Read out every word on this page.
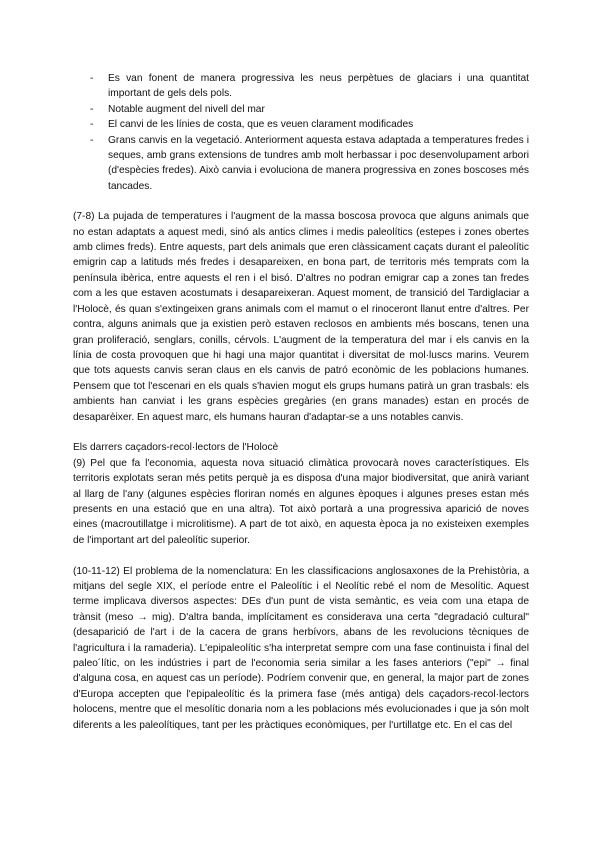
- Es van fonent de manera progressiva les neus perpètues de glaciars i una quantitat important de gels dels pols.
- Notable augment del nivell del mar
- El canvi de les línies de costa, que es veuen clarament modificades
- Grans canvis en la vegetació. Anteriorment aquesta estava adaptada a temperatures fredes i seques, amb grans extensions de tundres amb molt herbassar i poc desenvolupament arbori (d'espècies fredes). Això canvia i evoluciona de manera progressiva en zones boscoses més tancades.

(7-8) La pujada de temperatures i l'augment de la massa boscosa provoca que alguns animals que no estan adaptats a aquest medi, sinó als antics climes i medis paleolítics (estepes i zones obertes amb climes freds). Entre aquests, part dels animals que eren clàssicament caçats durant el paleolític emigrin cap a latituds més fredes i desapareixen, en bona part, de territoris més temprats com la península ibèrica, entre aquests el ren i el bisó. D'altres no podran emigrar cap a zones tan fredes com a les que estaven acostumats i desapareixeran. Aquest moment, de transició del Tardiglaciar a l'Holocè, és quan s'extingeixen grans animals com el mamut o el rinoceront llanut entre d'altres. Per contra, alguns animals que ja existien però estaven reclosos en ambients més boscans, tenen una gran proliferació, senglars, conills, cérvols. L'augment de la temperatura del mar i els canvis en la línia de costa provoquen que hi hagi una major quantitat i diversitat de mol·luscs marins. Veurem que tots aquests canvis seran claus en els canvis de patró econòmic de les poblacions humanes. Pensem que tot l'escenari en els quals s'havien mogut els grups humans patirà un gran trasbals: els ambients han canviat i les grans espècies gregàries (en grans manades) estan en procés de desaparèixer. En aquest marc, els humans hauran d'adaptar-se a uns notables canvis.

Els darrers caçadors-recol·lectors de l'Holocè

(9) Pel que fa l'economia, aquesta nova situació climàtica provocarà noves característiques. Els territoris explotats seran més petits perquè ja es disposa d'una major biodiversitat, que anirà variant al llarg de l'any (algunes espècies floriran només en algunes èpoques i algunes preses estan més presents en una estació que en una altra). Tot això portarà a una progressiva aparició de noves eines (macroutillatge i microlitisme). A part de tot això, en aquesta època ja no existeixen exemples de l'important art del paleolític superior.

(10-11-12) El problema de la nomenclatura: En les classificacions anglosaxones de la Prehistòria, a mitjans del segle XIX, el període entre el Paleolític i el Neolític rebé el nom de Mesolític. Aquest terme implicava diversos aspectes: DEs d'un punt de vista semàntic, es veia com una etapa de trànsit (meso → mig). D'altra banda, implícitament es considerava una certa "degradació cultural" (desaparició de l'art i de la cacera de grans herbívors, abans de les revolucions tècniques de l'agricultura i la ramaderia). L'epipaleolític s'ha interpretat sempre com una fase continuista i final del paleo´lític, on les indústries i part de l'economia seria similar a les fases anteriors ("epi" → final d'alguna cosa, en aquest cas un període). Podríem convenir que, en general, la major part de zones d'Europa accepten que l'epipaleolític és la primera fase (més antiga) dels caçadors-recol·lectors holocens, mentre que el mesolític donaria nom a les poblacions més evolucionades i que ja són molt diferents a les paleolítiques, tant per les pràctiques econòmiques, per l'urtillatge etc. En el cas del
